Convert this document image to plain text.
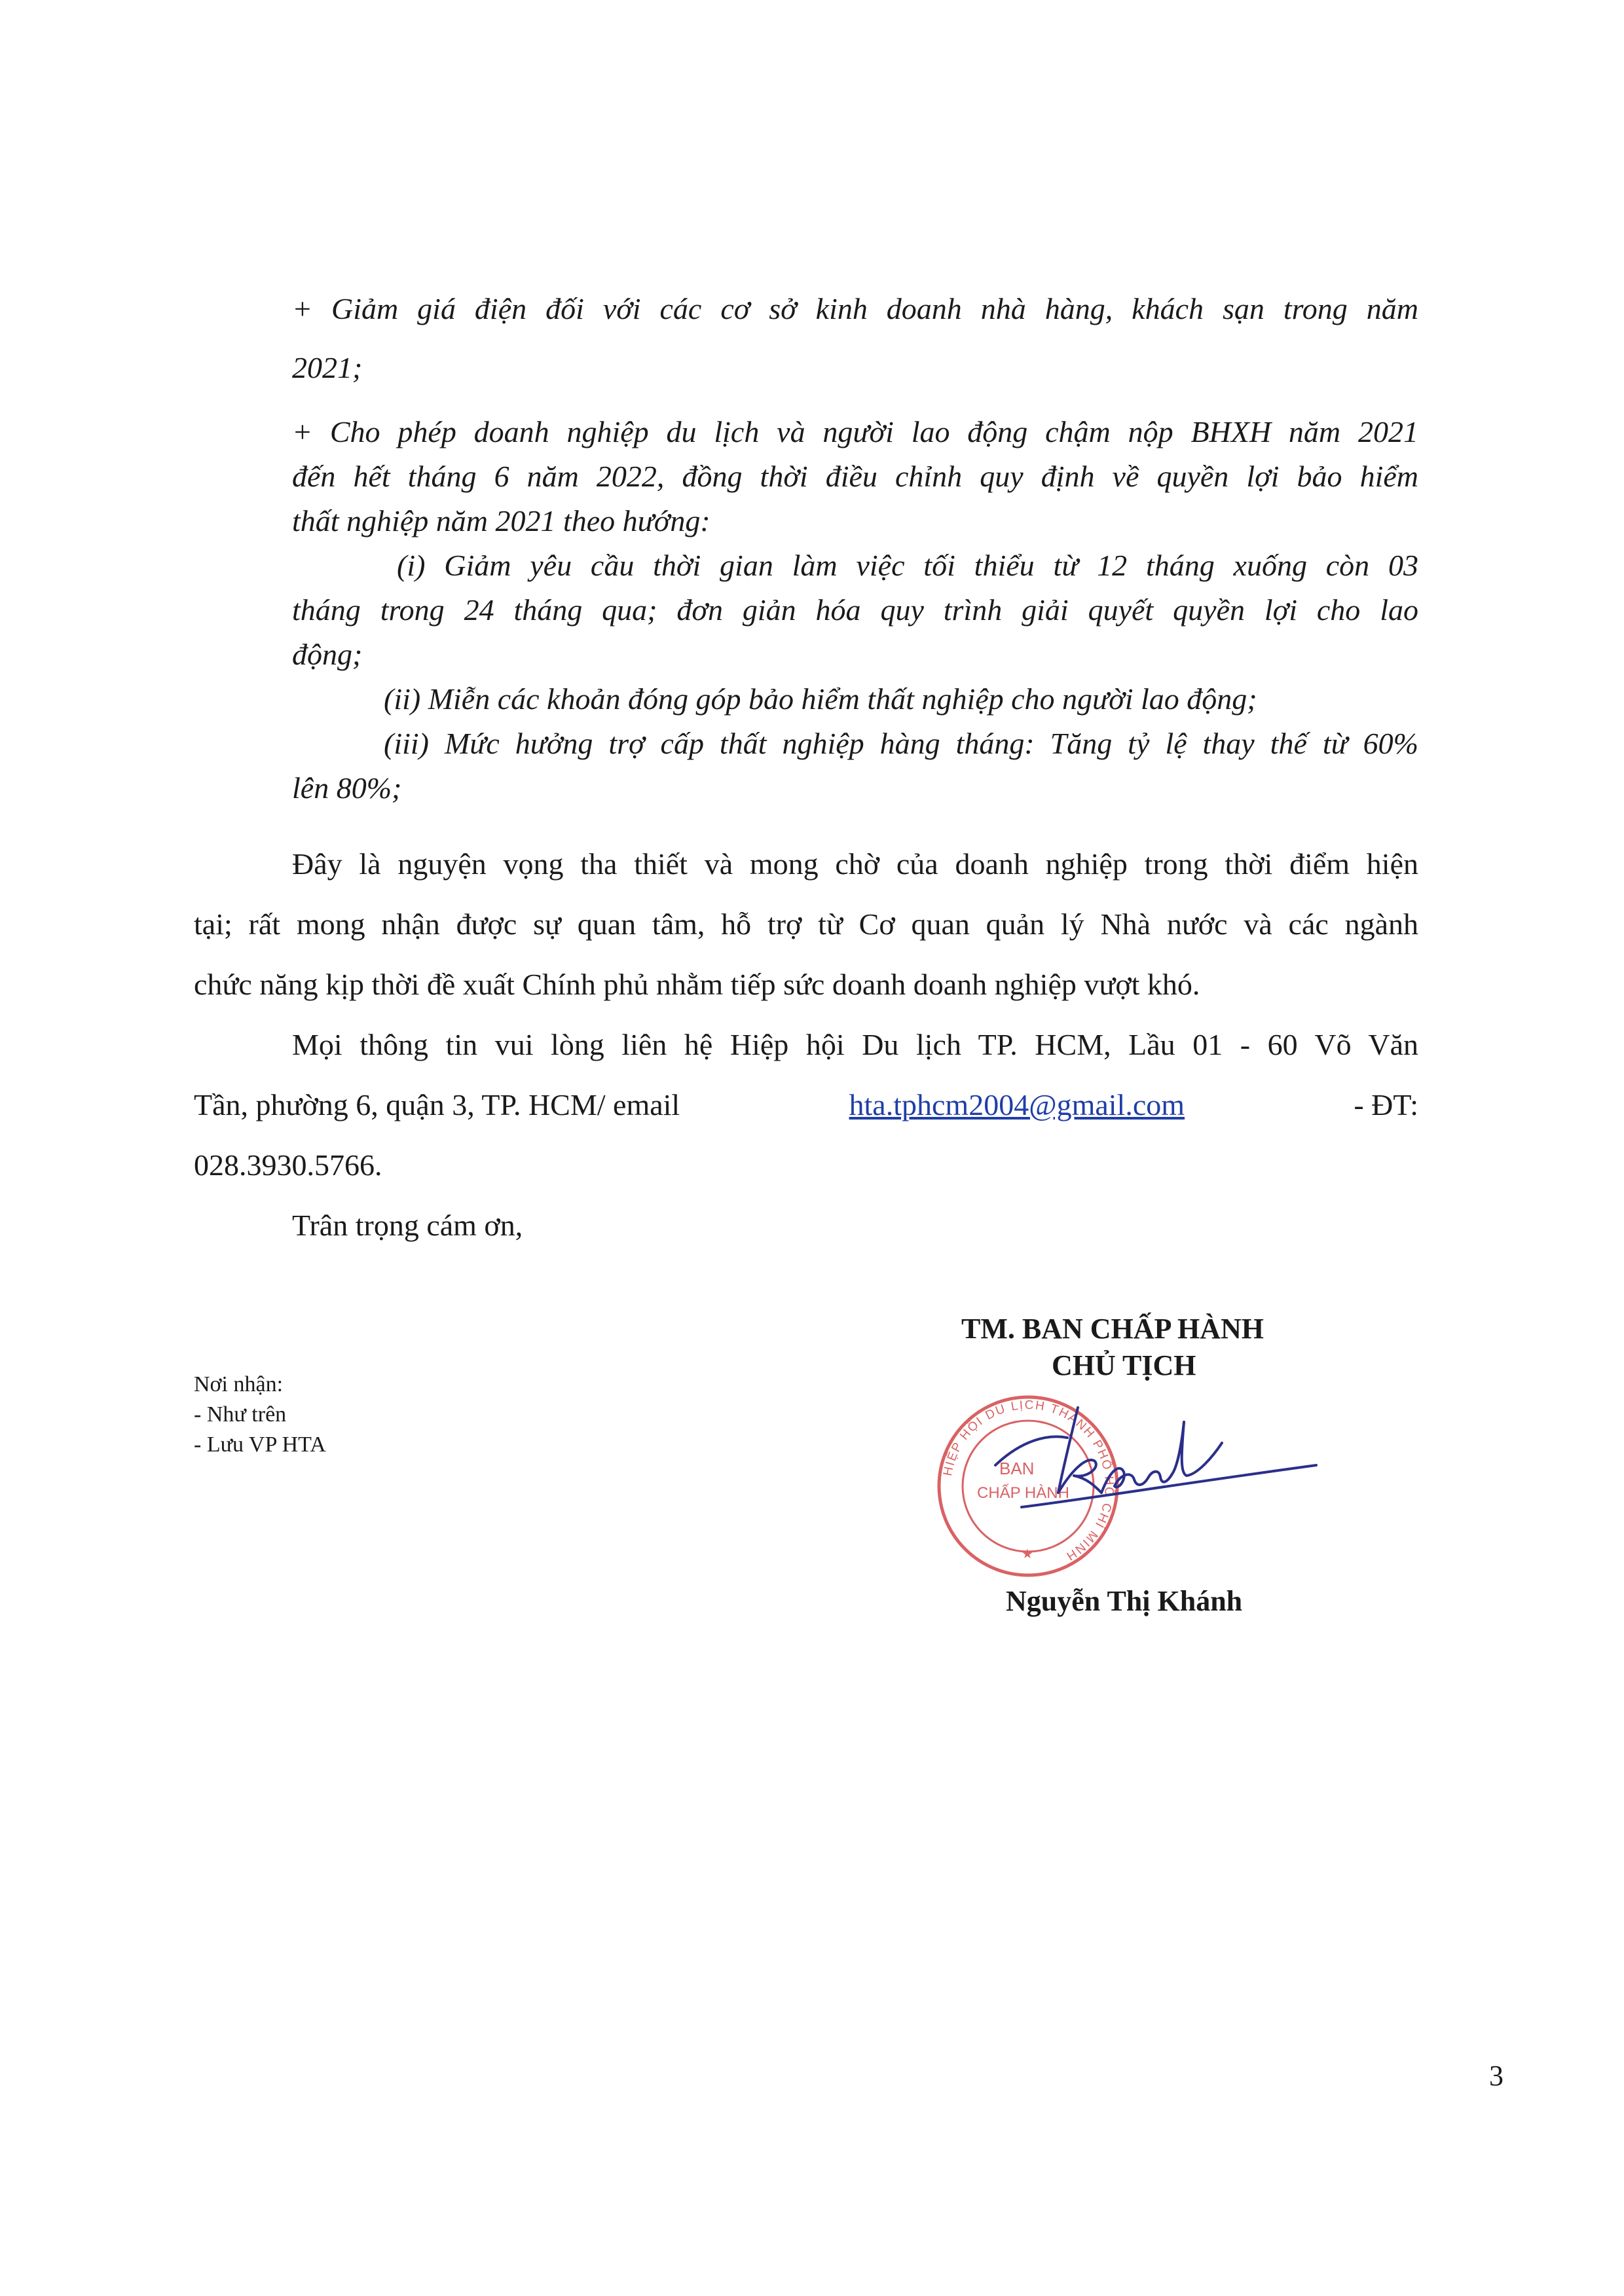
+ Giảm giá điện đối với các cơ sở kinh doanh nhà hàng, khách sạn trong năm
2021;
+ Cho phép doanh nghiệp du lịch và người lao động chậm nộp BHXH năm 2021
đến hết tháng 6 năm 2022, đồng thời điều chỉnh quy định về quyền lợi bảo hiểm
thất nghiệp năm 2021 theo hướng:
(i) Giảm yêu cầu thời gian làm việc tối thiểu từ 12 tháng xuống còn 03
tháng trong 24 tháng qua; đơn giản hóa quy trình giải quyết quyền lợi cho lao
động;
(ii) Miễn các khoản đóng góp bảo hiểm thất nghiệp cho người lao động;
(iii) Mức hưởng trợ cấp thất nghiệp hàng tháng: Tăng tỷ lệ thay thế từ 60%
lên 80%;
Đây là nguyện vọng tha thiết và mong chờ của doanh nghiệp trong thời điểm hiện
tại; rất mong nhận được sự quan tâm, hỗ trợ từ Cơ quan quản lý Nhà nước và các ngành
chức năng kịp thời đề xuất Chính phủ nhằm tiếp sức doanh doanh nghiệp vượt khó.
Mọi thông tin vui lòng liên hệ Hiệp hội Du lịch TP. HCM, Lầu 01 - 60 Võ Văn
Tần, phường 6, quận 3, TP. HCM/ email	hta.tphcm2004@gmail.com	- ĐT:
028.3930.5766.
Trân trọng cám ơn,
TM. BAN CHẤP HÀNH
CHỦ TỊCH
Nơi nhận:
- Như trên
- Lưu VP HTA
HIỆP HỘI DU LỊCH THÀNH PHỐ HỒ CHÍ MINH
BAN
CHẤP HÀNH
★
Nguyễn Thị Khánh
3
